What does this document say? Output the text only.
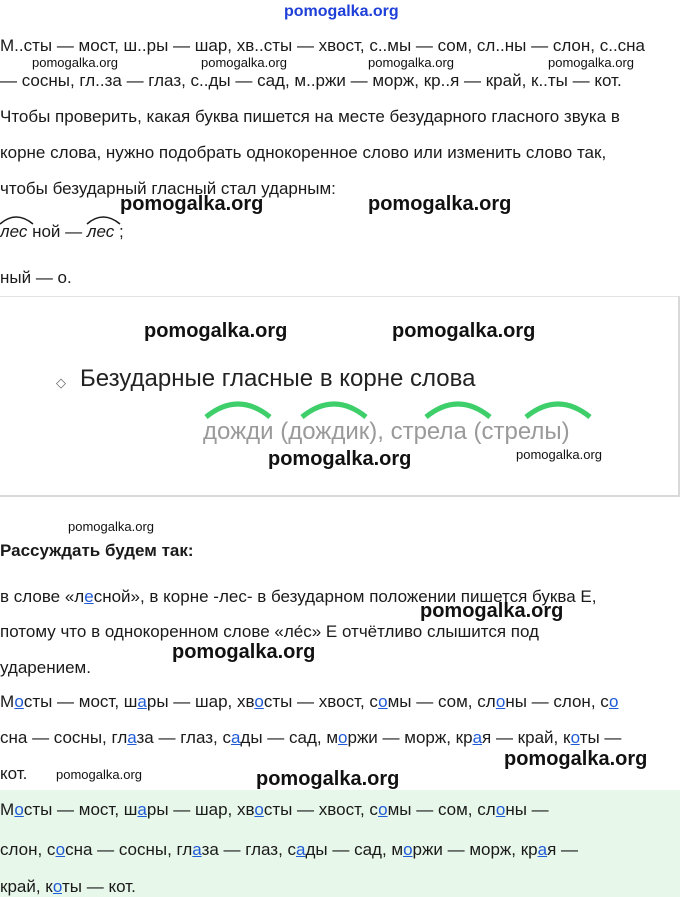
pomogalka.org
М..сты — мост, ш..ры — шар, хв..сты — хвост, с..мы — сом, сл..ны — слон, с..сна
— сосны, гл..за — глаз, с..ды — сад, м..ржи — морж, кр..я — край, к..ты — кот.
pomogalka.org	pomogalka.org	pomogalka.org	pomogalka.org
Чтобы проверить, какая буква пишется на месте безударного гласного звука в
корне слова, нужно подобрать однокоренное слово или изменить слово так,
чтобы безударный гласный стал ударным:
pomogalka.org	pomogalka.org
лес ной — лес ;
ный — о.
pomogalka.org	pomogalka.org
◇ Безударные гласные в корне слова
дожди (дождик), стрела (стрелы)
pomogalka.org	pomogalka.org
pomogalka.org
Рассуждать будем так:
в слове «лесной», в корне -лес- в безударном положении пишется буква Е,
pomogalka.org
потому что в однокоренном слове «ле́с» Е отчётливо слышится под
pomogalka.org
ударением.
Мосты — мост, шары — шар, хвосты — хвост, сомы — сом, слоны — слон, со
сна — сосны, глаза — глаз, сады — сад, моржи — морж, края — край, коты —
кот. pomogalka.org	pomogalka.org
pomogalka.org
Мосты — мост, шары — шар, хвосты — хвост, сомы — сом, слоны —
слон, сосна — сосны, глаза — глаз, сады — сад, моржи — морж, края —
край, коты — кот.
